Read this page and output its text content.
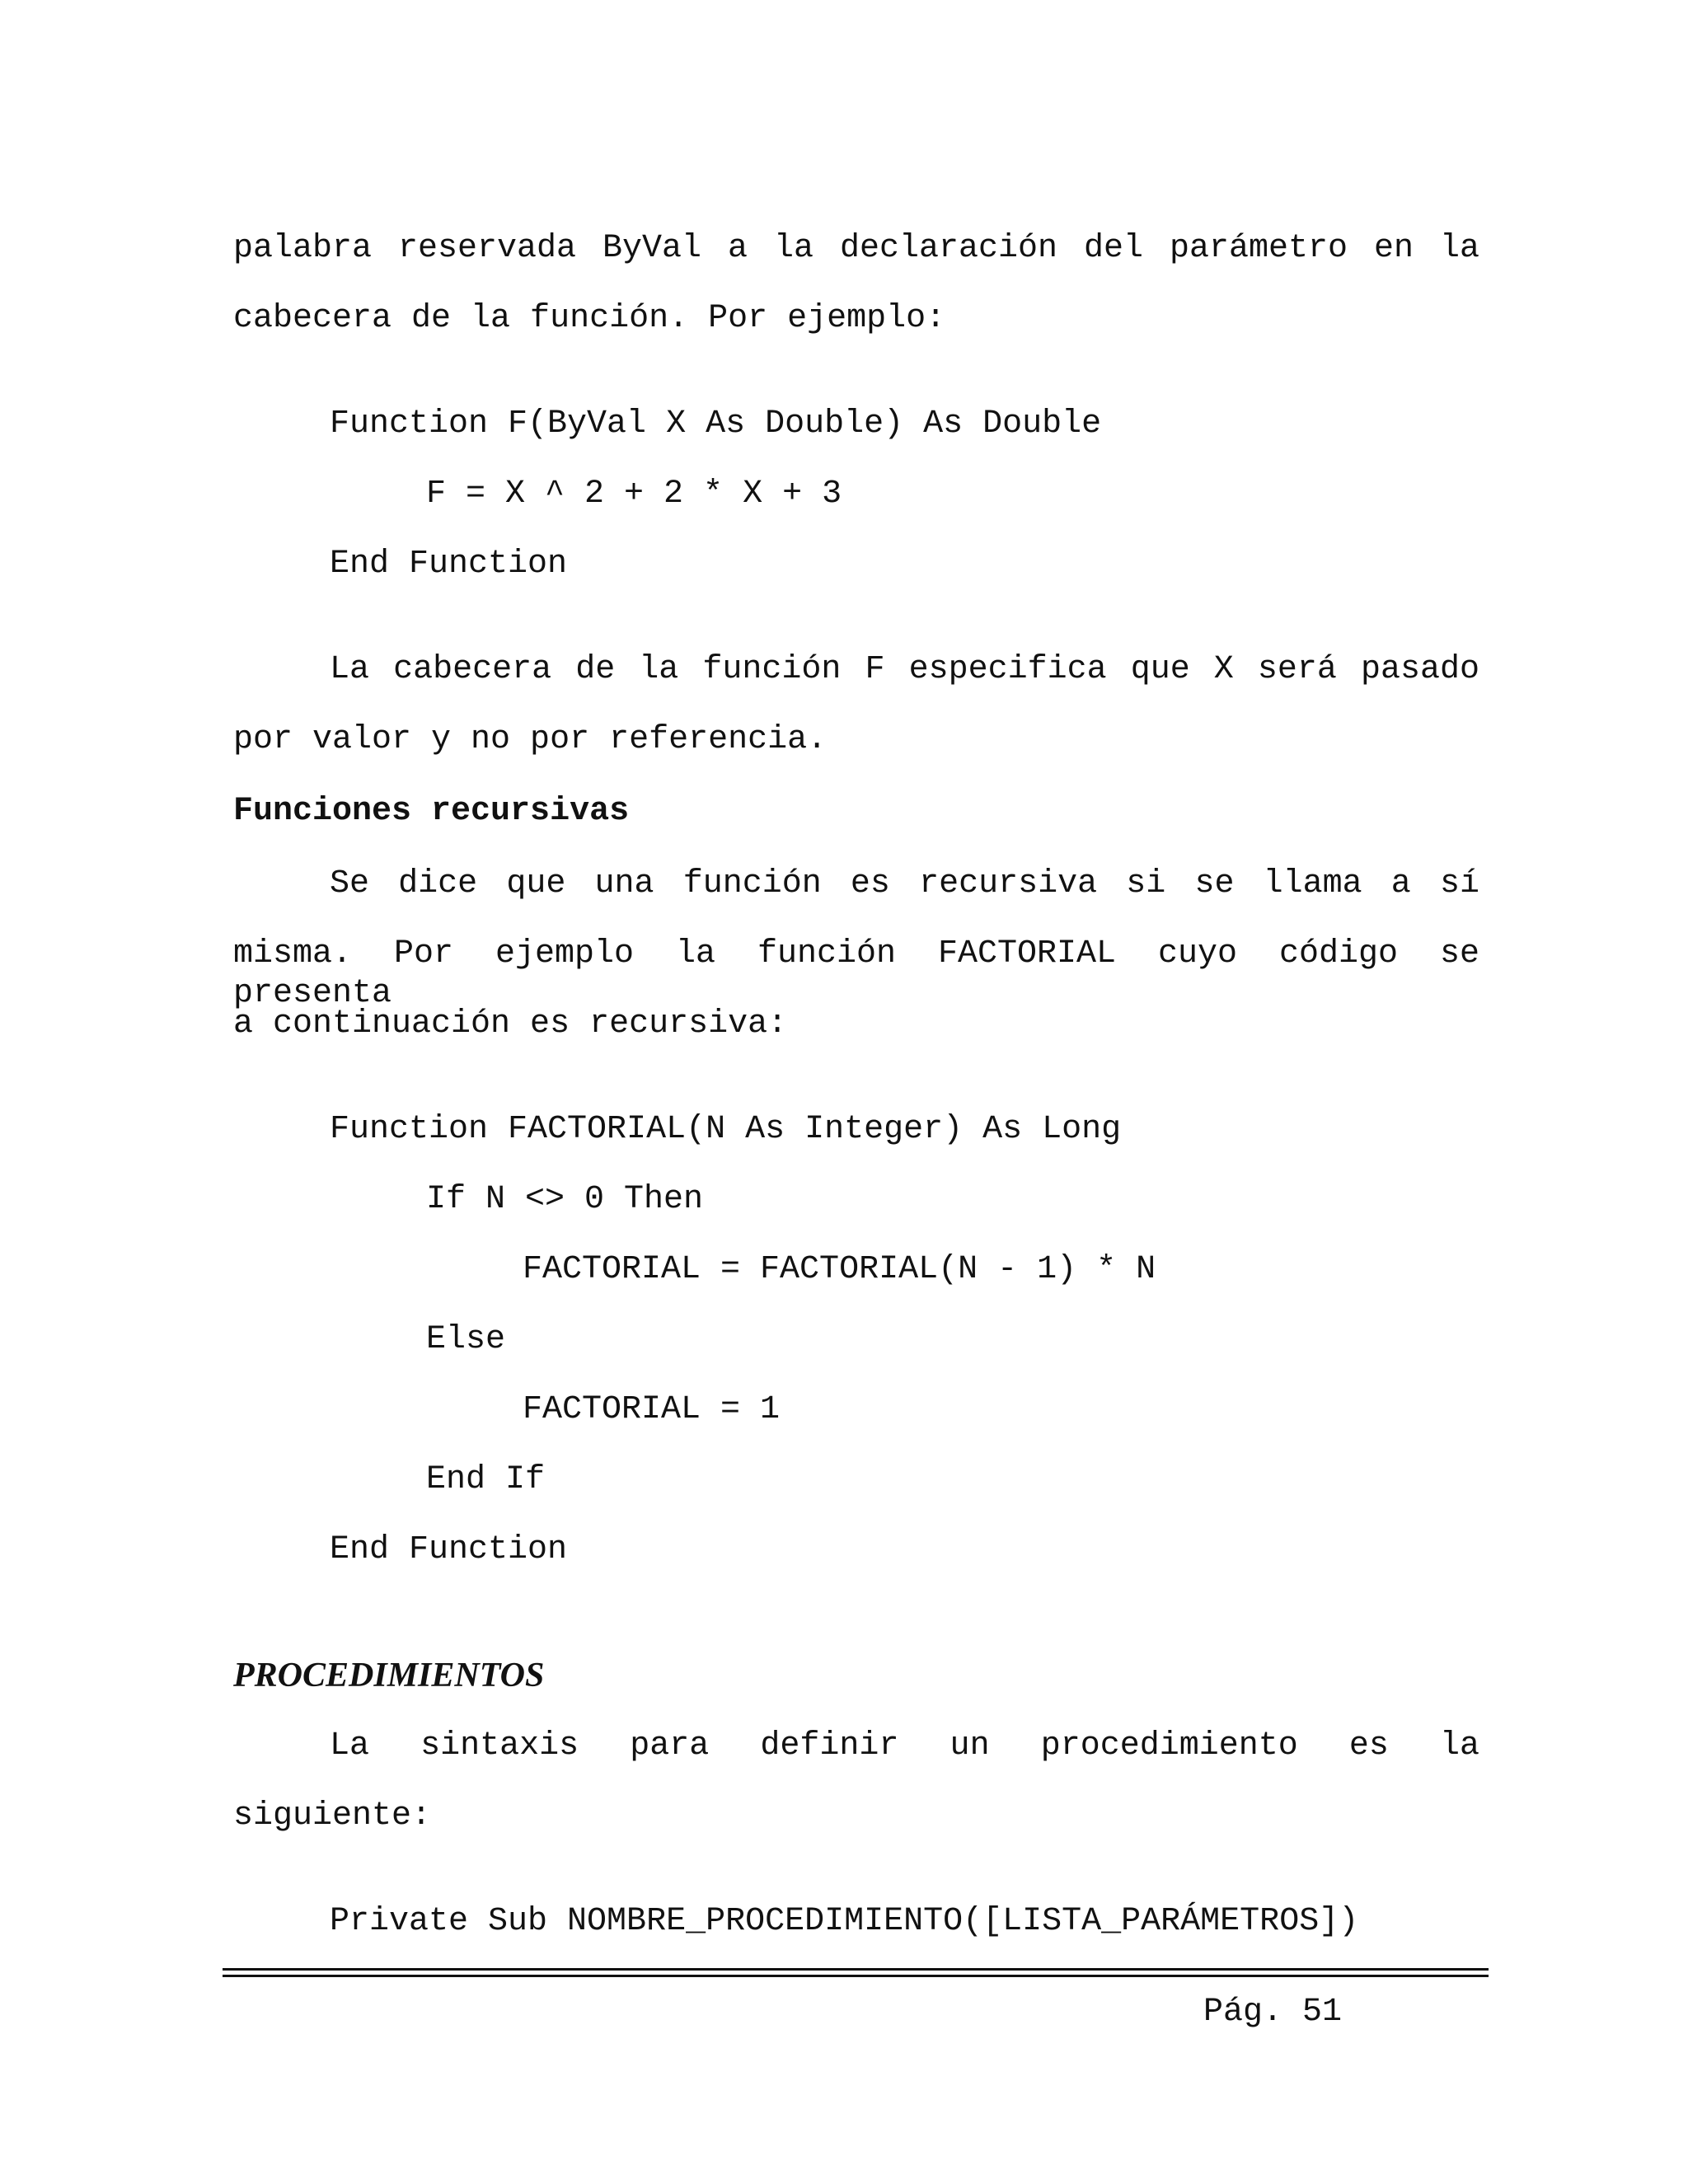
palabra reservada ByVal a la declaración del parámetro en la
cabecera de la función. Por ejemplo:
Function F(ByVal X As Double) As Double
F = X ^ 2 + 2 * X + 3
End Function
La cabecera de la función F especifica que X será pasado
por valor y no por referencia.
Funciones recursivas
Se dice que una función es recursiva si se llama a sí
misma. Por ejemplo la función FACTORIAL cuyo código se presenta
a continuación es recursiva:
Function FACTORIAL(N As Integer) As Long
If N <> 0 Then
FACTORIAL = FACTORIAL(N - 1) * N
Else
FACTORIAL = 1
End If
End Function
PROCEDIMIENTOS
La sintaxis para definir un procedimiento es la
siguiente:
Private Sub NOMBRE_PROCEDIMIENTO([LISTA_PARÁMETROS])
Pág. 51
